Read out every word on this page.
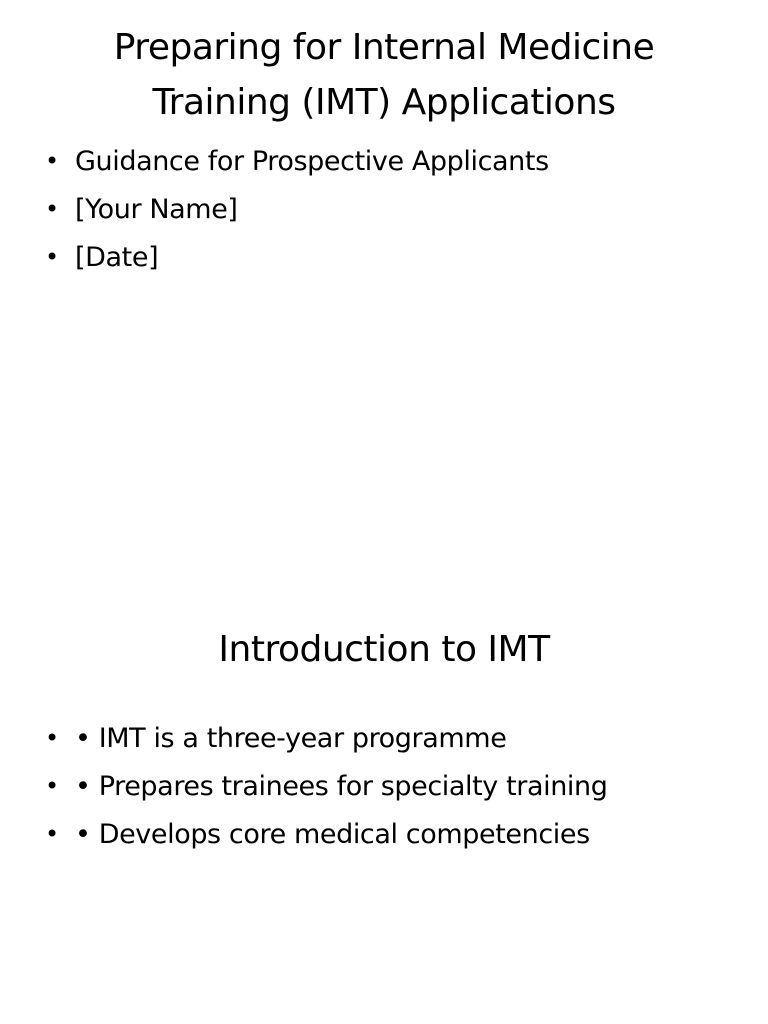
Preparing for Internal Medicine
Training (IMT) Applications
• Guidance for Prospective Applicants
• [Your Name]
• [Date]
Introduction to IMT
• • IMT is a three-year programme
• • Prepares trainees for specialty training
• • Develops core medical competencies
